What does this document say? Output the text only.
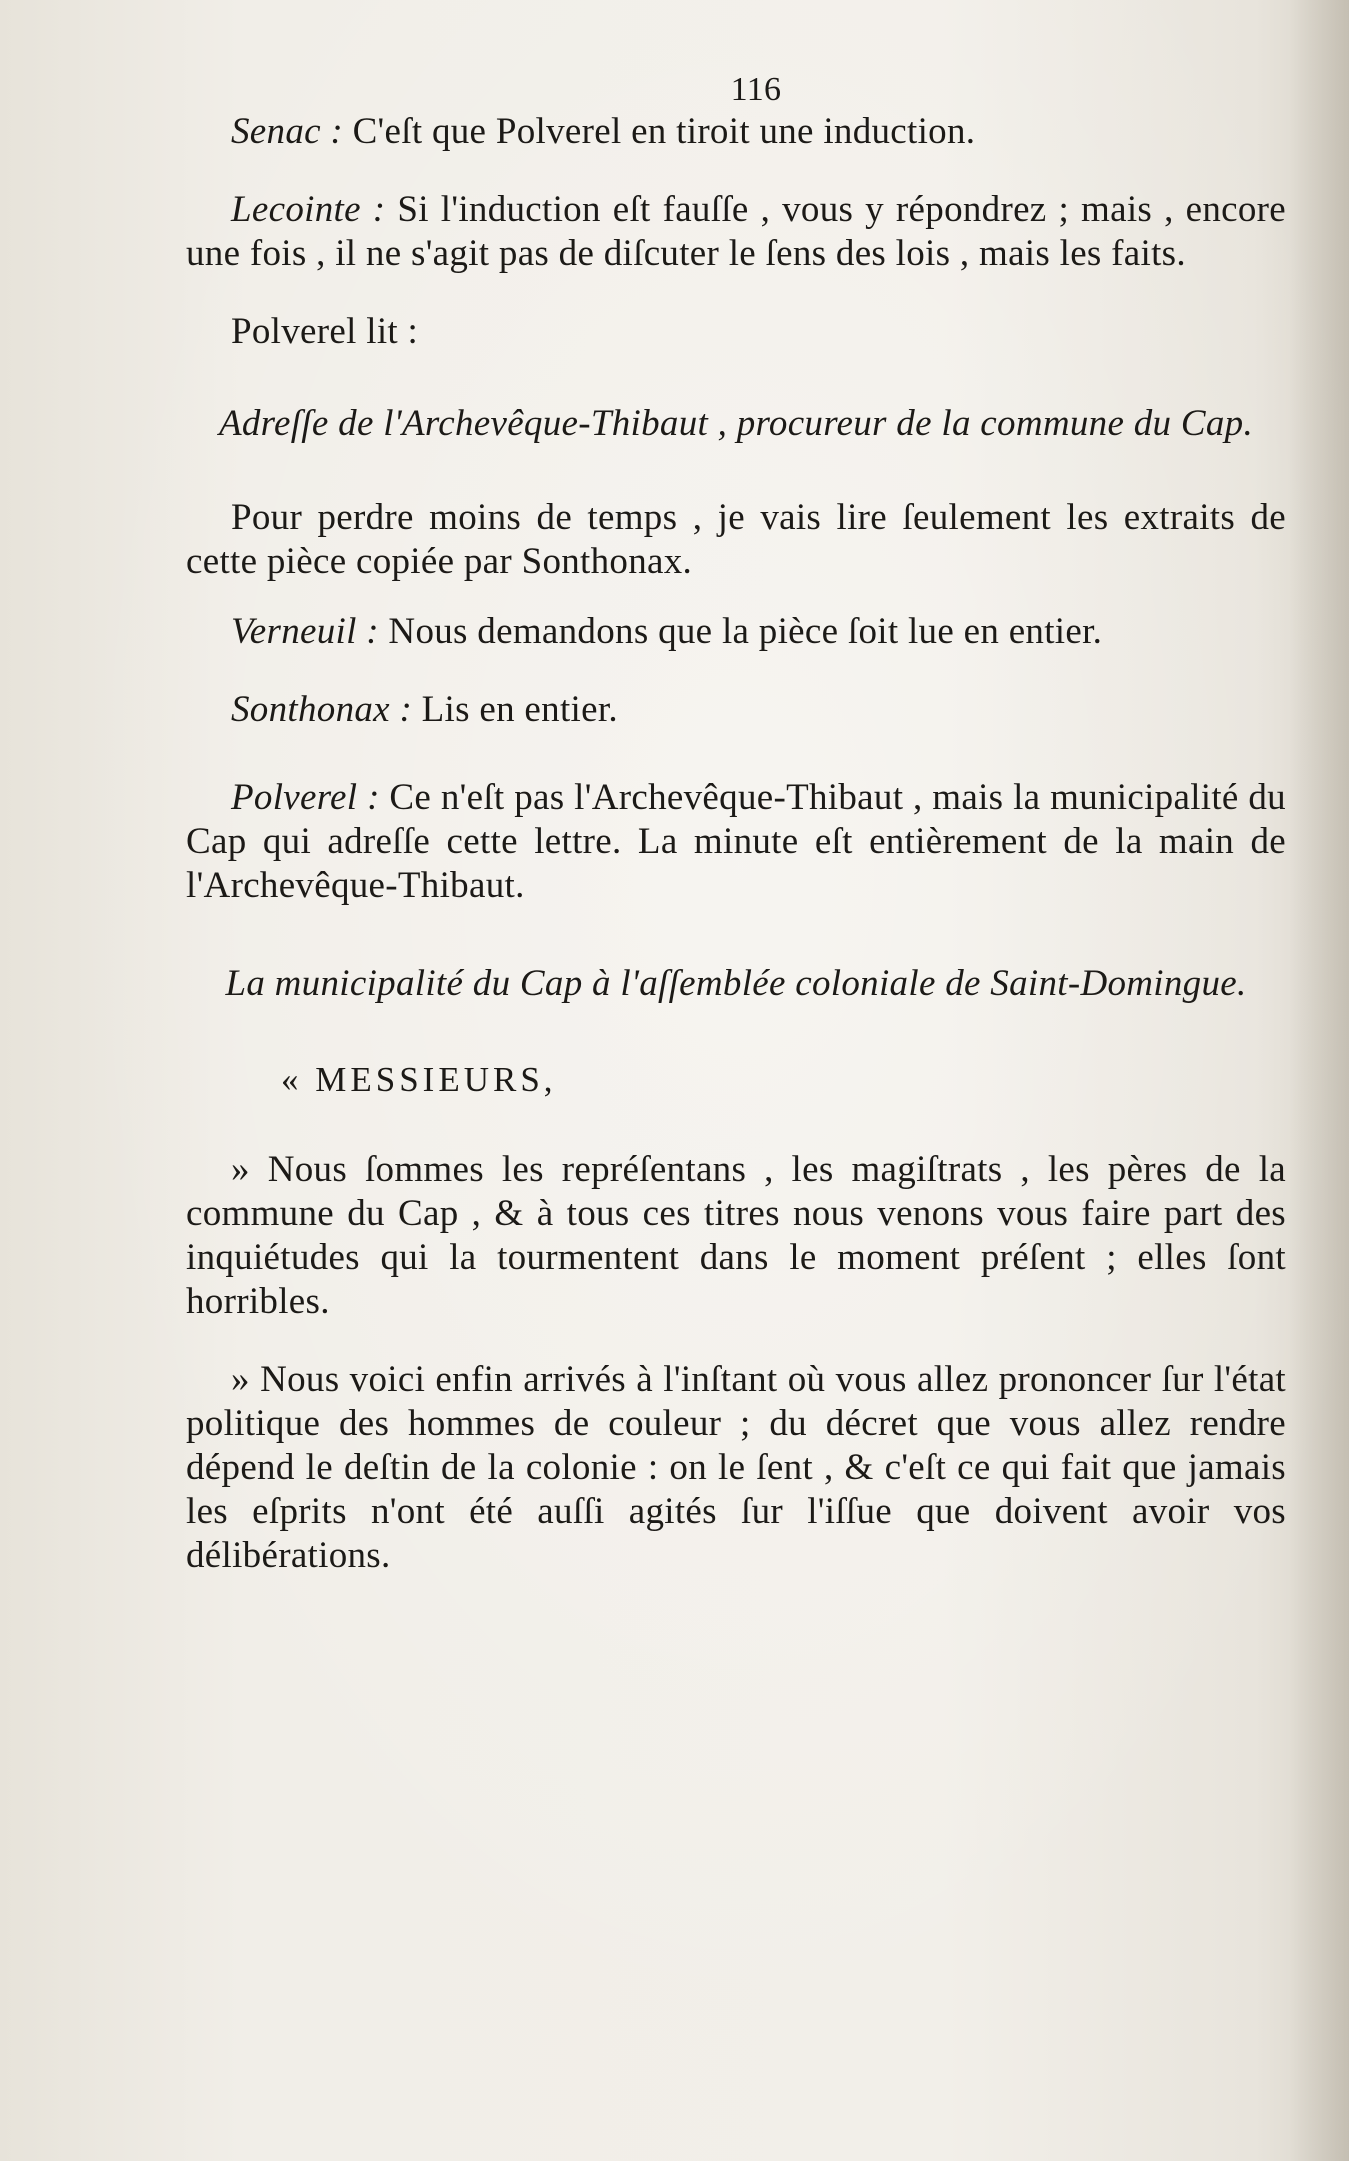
116

Senac : C'eſt que Polverel en tiroit une induction.

Lecointe : Si l'induction eſt fauſſe , vous y répondrez ; mais , encore une fois , il ne s'agit pas de diſcuter le ſens des lois , mais les faits.

Polverel lit :

Adreſſe de l'Archevêque-Thibaut , procureur de la commune du Cap.

Pour perdre moins de temps , je vais lire ſeulement les extraits de cette pièce copiée par Sonthonax.

Verneuil : Nous demandons que la pièce ſoit lue en entier.

Sonthonax : Lis en entier.

Polverel : Ce n'eſt pas l'Archevêque-Thibaut , mais la municipalité du Cap qui adreſſe cette lettre. La minute eſt entièrement de la main de l'Archevêque-Thibaut.

La municipalité du Cap à l'aſſemblée coloniale de Saint-Domingue.

« MESSIEURS,

» Nous ſommes les repréſentans , les magiſtrats , les pères de la commune du Cap , & à tous ces titres nous venons vous faire part des inquiétudes qui la tourmentent dans le moment préſent ; elles ſont horribles.

» Nous voici enfin arrivés à l'inſtant où vous allez prononcer ſur l'état politique des hommes de couleur ; du décret que vous allez rendre dépend le deſtin de la colonie : on le ſent , & c'eſt ce qui fait que jamais les eſprits n'ont été auſſi agités ſur l'iſſue que doivent avoir vos délibérations.
